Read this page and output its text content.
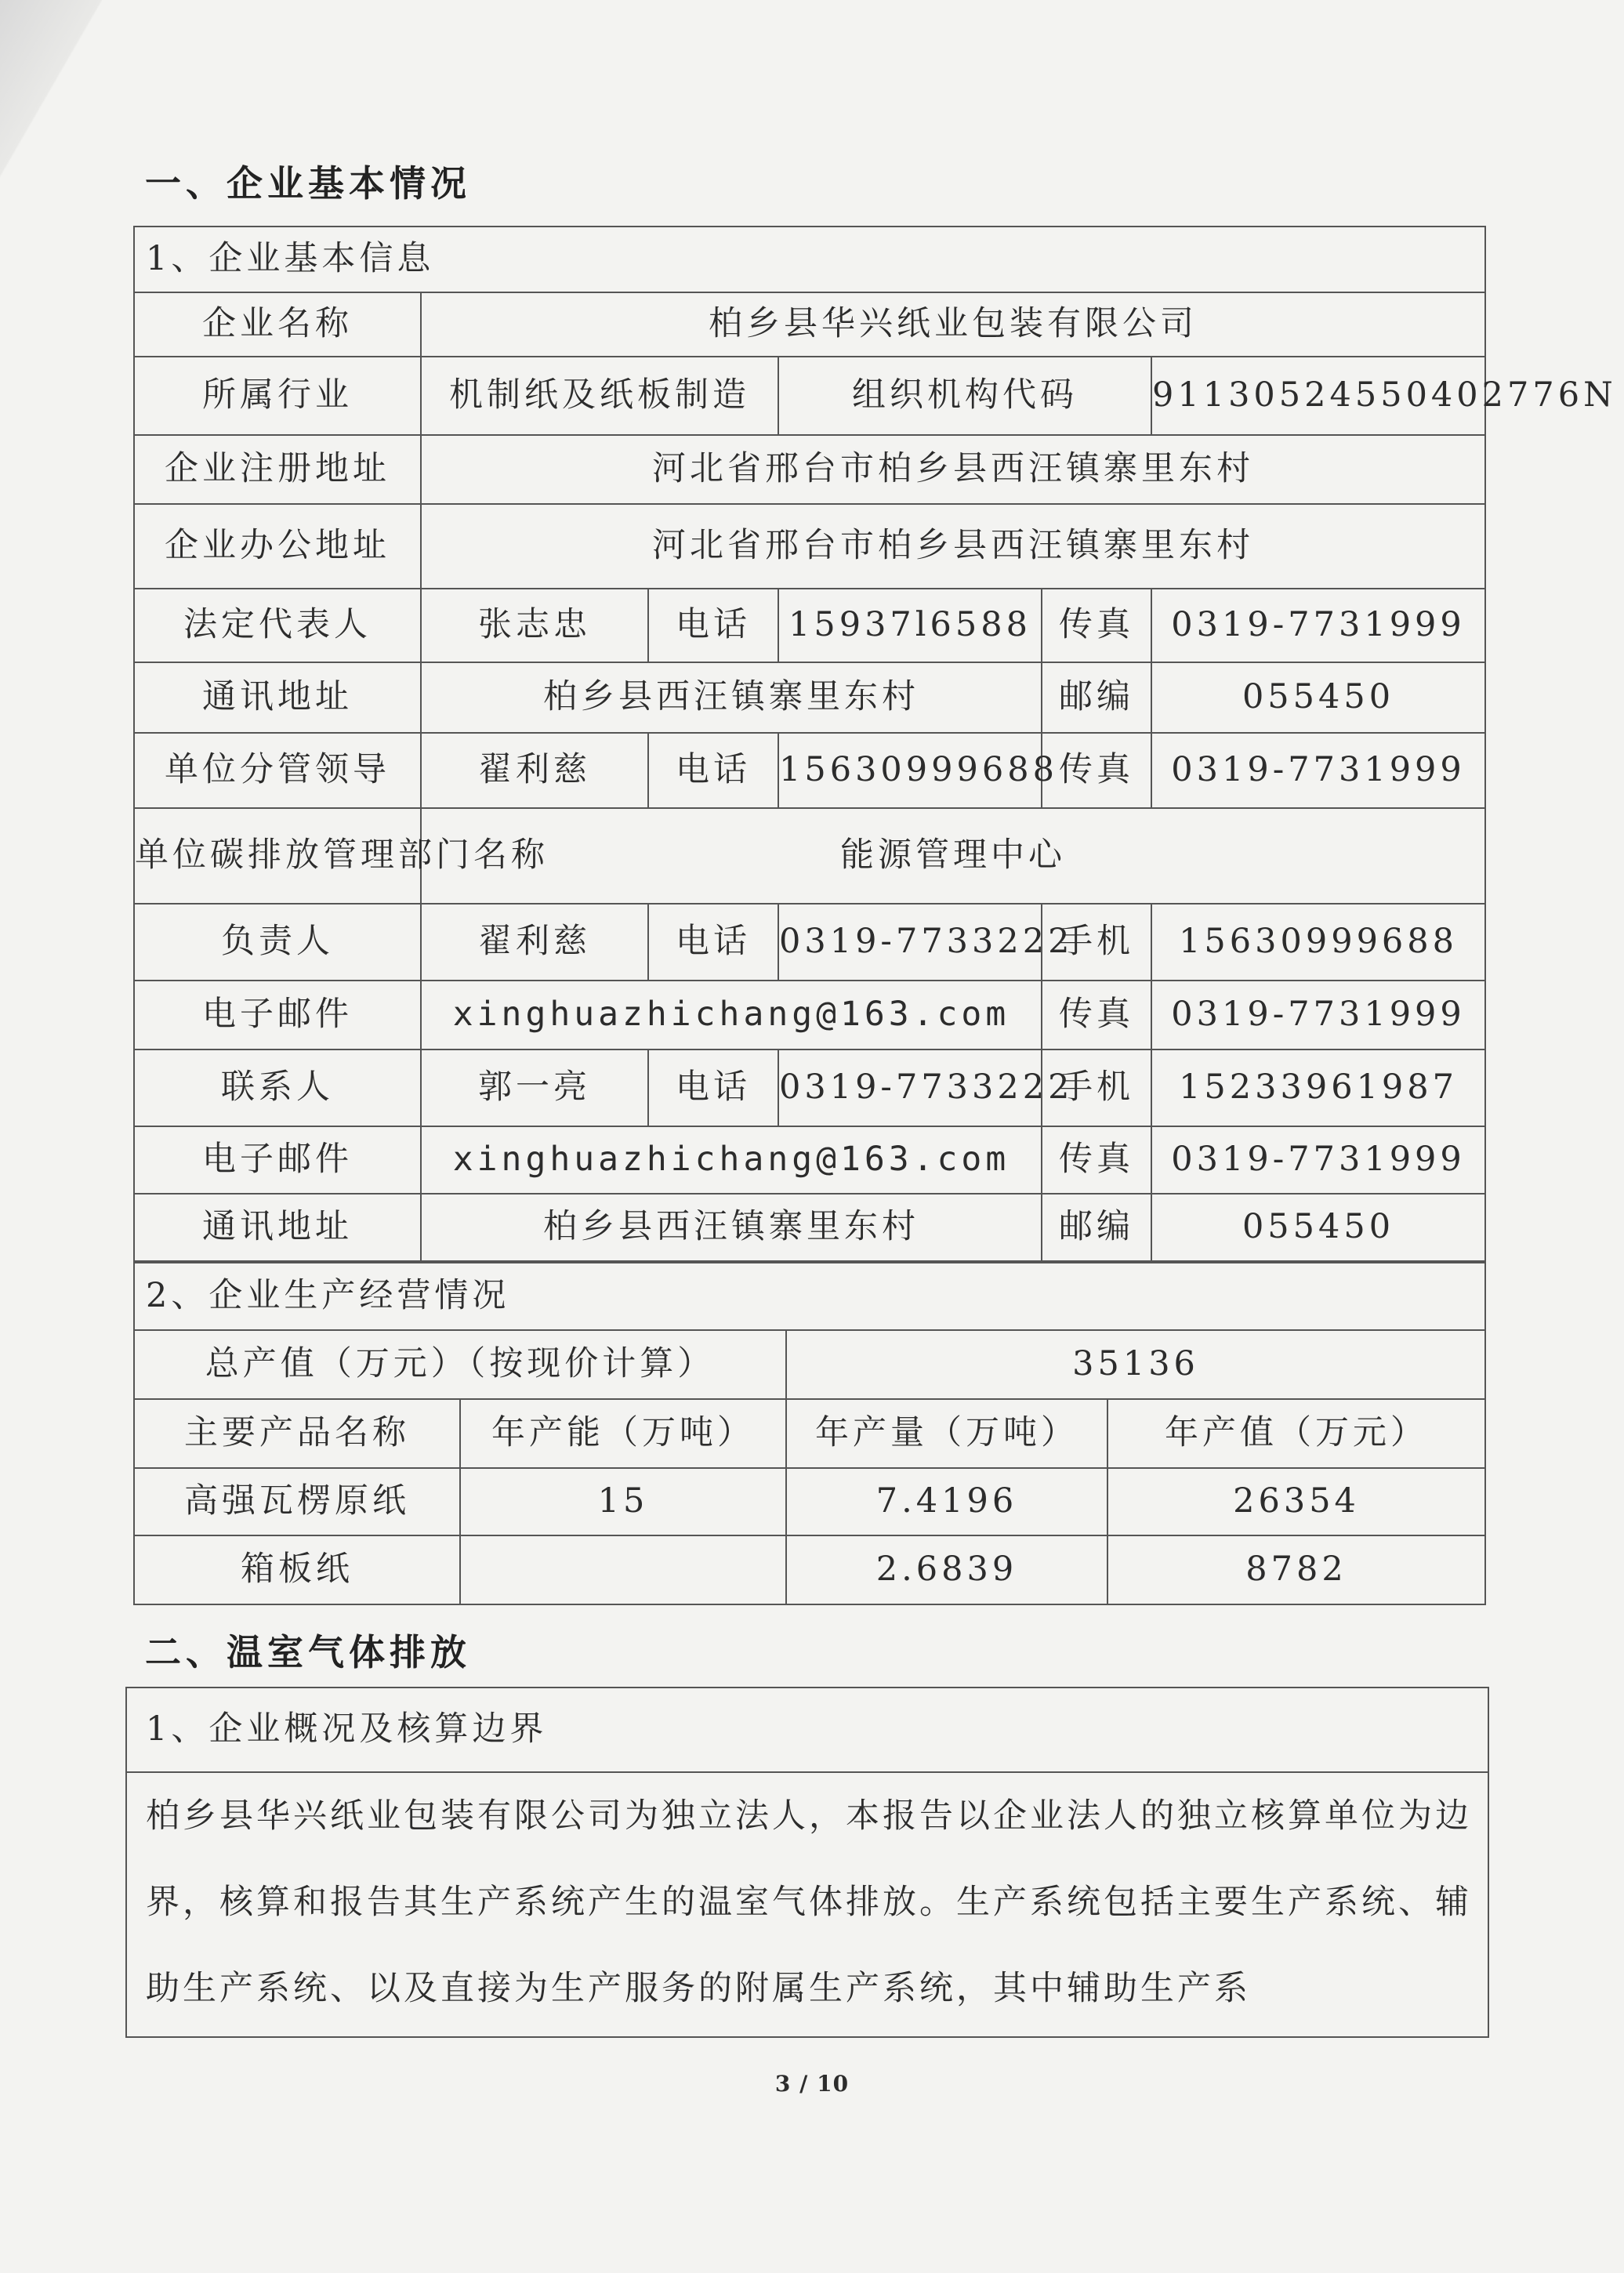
一、企业基本情况
1、企业基本信息					
企业名称	柏乡县华兴纸业包装有限公司				
所属行业	机制纸及纸板制造		组织机构代码		91130524550402776N
企业注册地址	河北省邢台市柏乡县西汪镇寨里东村				
企业办公地址	河北省邢台市柏乡县西汪镇寨里东村				
法定代表人	张志忠	电话	15937l6588	传真	0319-7731999
通讯地址	柏乡县西汪镇寨里东村			邮编	055450
单位分管领导	翟利慈	电话	15630999688	传真	0319-7731999
单位碳排放管理部门名称	能源管理中心				
负责人	翟利慈	电话	0319-7733222	手机	15630999688
电子邮件	xinghuazhichang@163.com			传真	0319-7731999
联系人	郭一亮	电话	0319-7733222	手机	15233961987
电子邮件	xinghuazhichang@163.com			传真	0319-7731999
通讯地址	柏乡县西汪镇寨里东村			邮编	055450
2、企业生产经营情况			
总产值（万元）（按现价计算）		35136	
主要产品名称	年产能（万吨）	年产量（万吨）	年产值（万元）
高强瓦楞原纸	15	7.4196	26354
箱板纸		2.6839	8782
二、温室气体排放
1、企业概况及核算边界
柏乡县华兴纸业包装有限公司为独立法人，本报告以企业法人的独立核算单位为边界，核算和报告其生产系统产生的温室气体排放。生产系统包括主要生产系统、辅助生产系统、以及直接为生产服务的附属生产系统，其中辅助生产系
3 / 10
